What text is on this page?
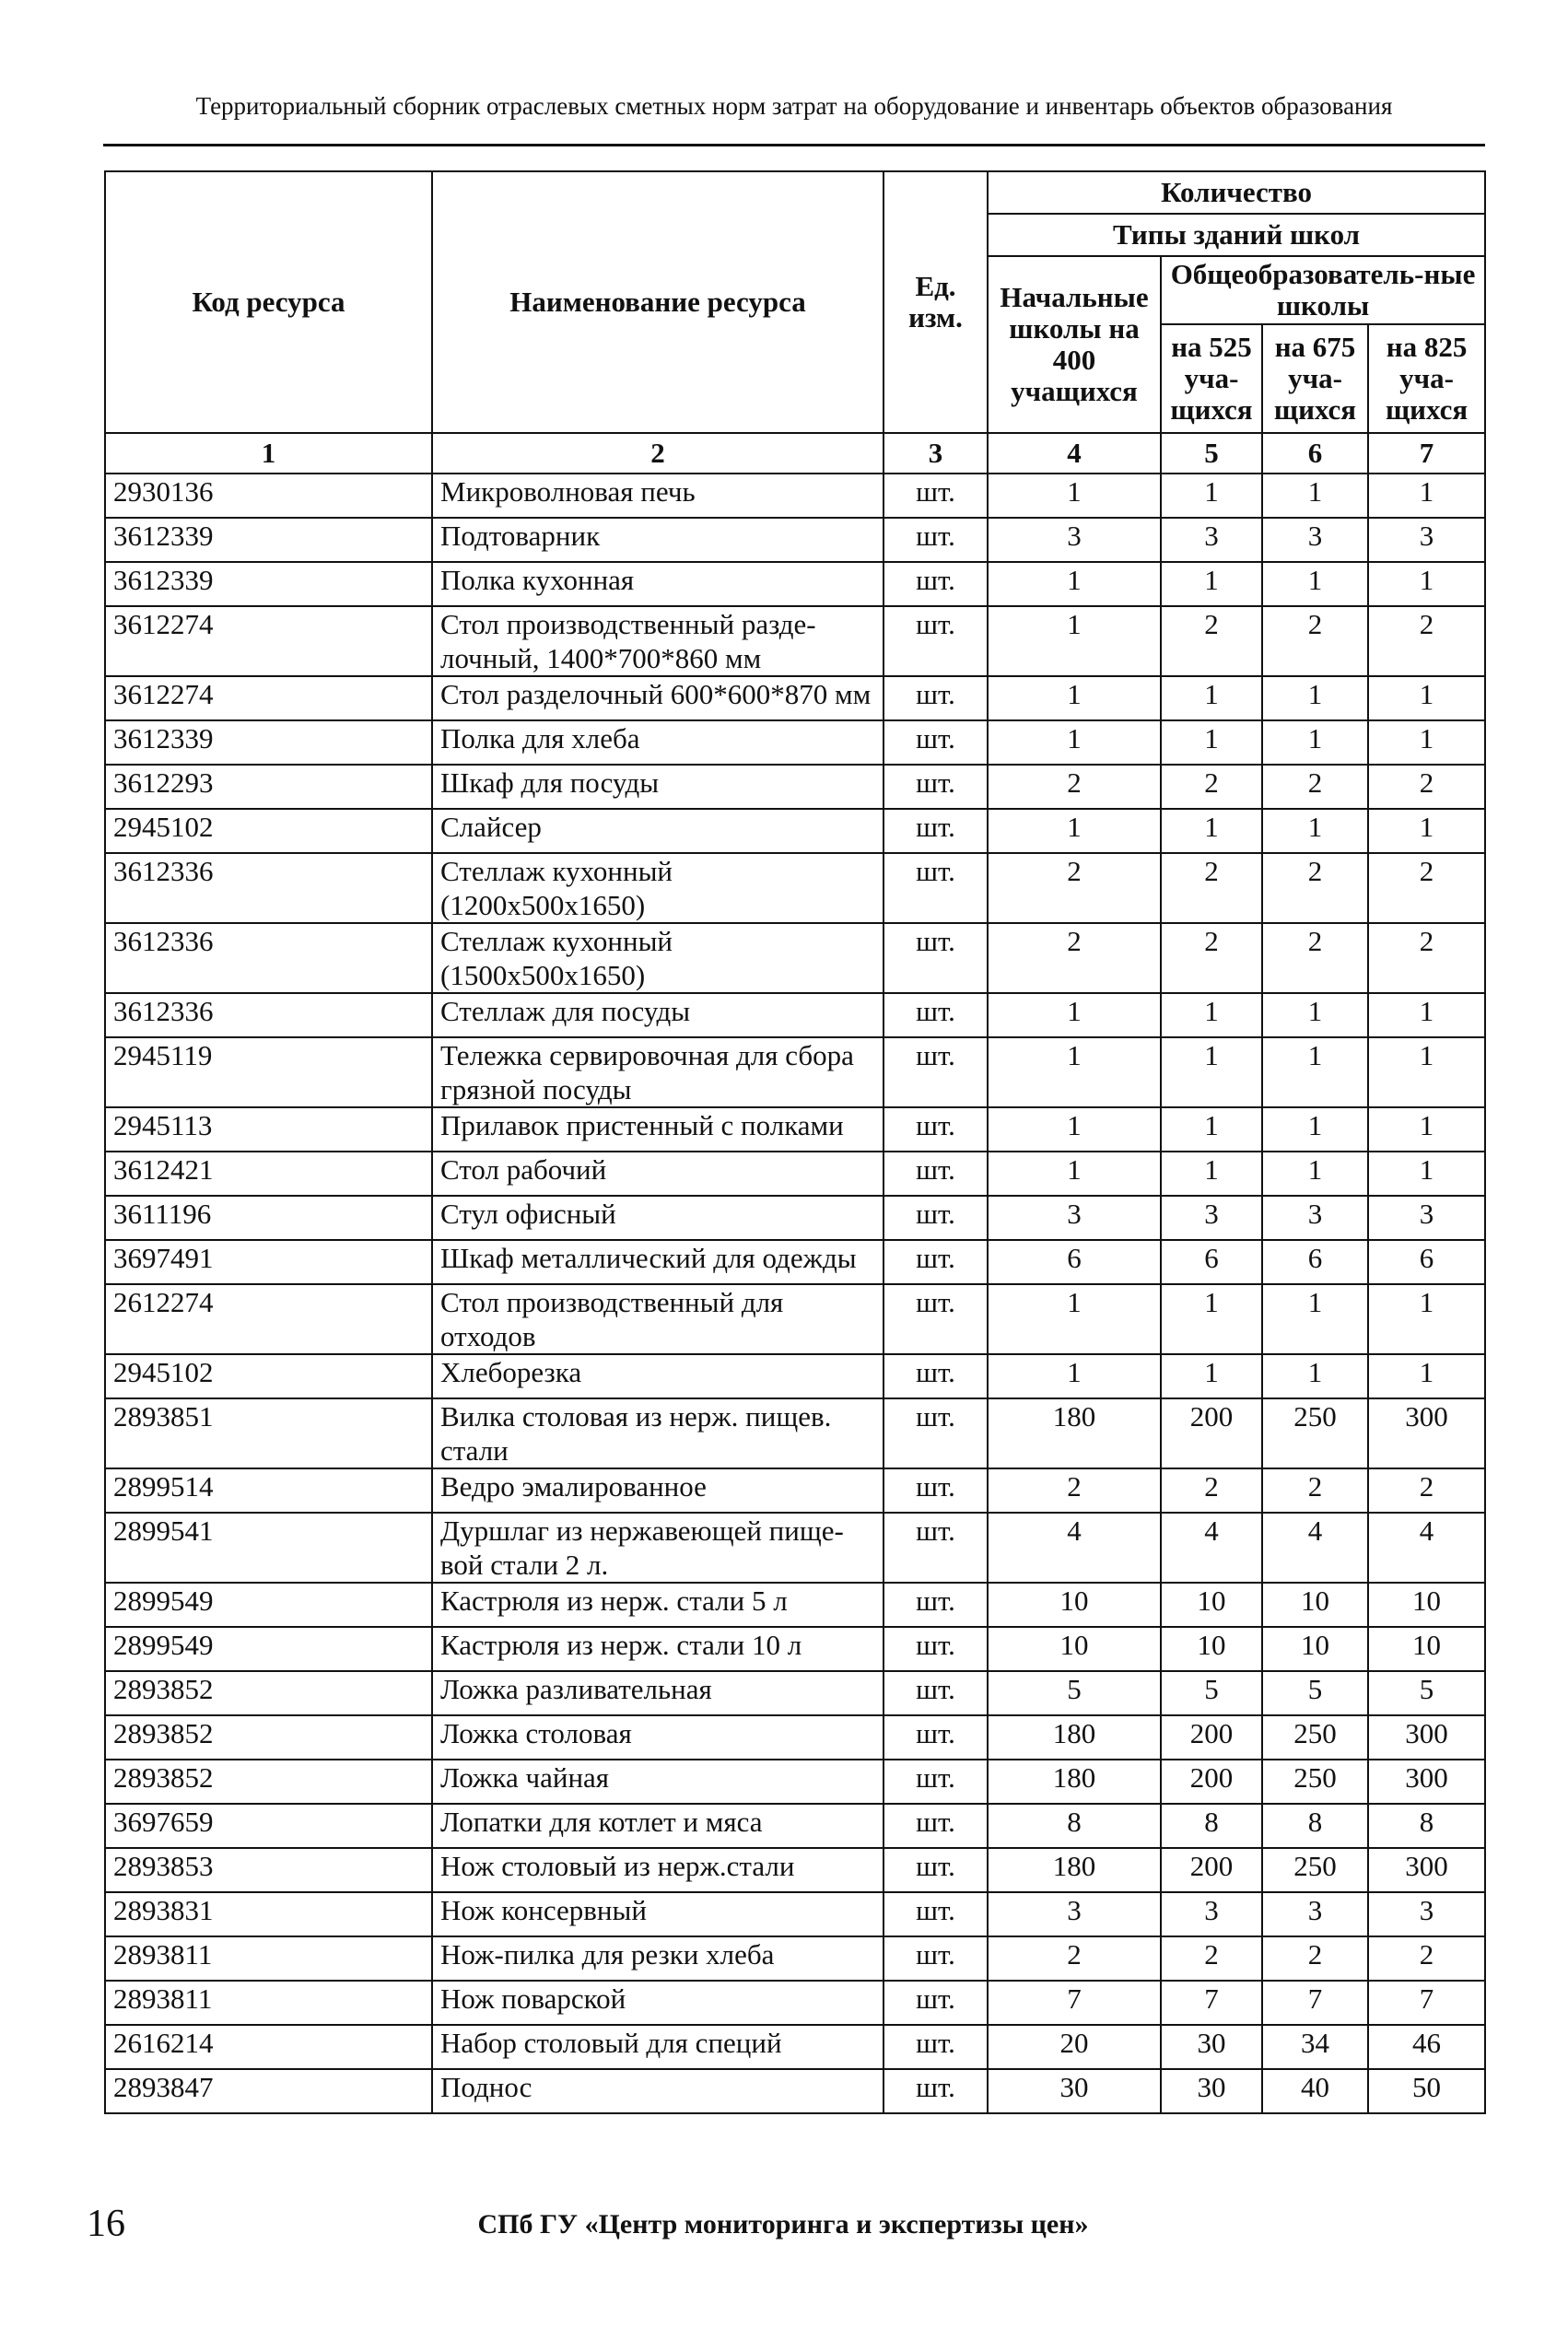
Территориальный сборник отраслевых сметных норм затрат на оборудование и инвентарь объектов образования
Код ресурса	Наименование ресурса	Ед. изм.	Количество			
			Типы зданий школ			
			Начальные школы на 400 учащихся	Общеобразователь-ные школы		
				на 525 уча-щихся	на 675 уча-щихся	на 825 уча-щихся
1	2	3	4	5	6	7
2930136	Микроволновая печь	шт.	1	1	1	1
3612339	Подтоварник	шт.	3	3	3	3
3612339	Полка кухонная	шт.	1	1	1	1
3612274	Стол производственный разде-лочный, 1400*700*860 мм	шт.	1	2	2	2
3612274	Стол разделочный 600*600*870 мм	шт.	1	1	1	1
3612339	Полка для хлеба	шт.	1	1	1	1
3612293	Шкаф для посуды	шт.	2	2	2	2
2945102	Слайсер	шт.	1	1	1	1
3612336	Стеллаж кухонный (1200x500x1650)	шт.	2	2	2	2
3612336	Стеллаж кухонный (1500x500x1650)	шт.	2	2	2	2
3612336	Стеллаж для посуды	шт.	1	1	1	1
2945119	Тележка сервировочная для сбора грязной посуды	шт.	1	1	1	1
2945113	Прилавок пристенный с полками	шт.	1	1	1	1
3612421	Стол рабочий	шт.	1	1	1	1
3611196	Стул офисный	шт.	3	3	3	3
3697491	Шкаф металлический для одежды	шт.	6	6	6	6
2612274	Стол производственный для отходов	шт.	1	1	1	1
2945102	Хлеборезка	шт.	1	1	1	1
2893851	Вилка столовая из нерж. пищев. стали	шт.	180	200	250	300
2899514	Ведро эмалированное	шт.	2	2	2	2
2899541	Дуршлаг из нержавеющей пище-вой стали 2 л.	шт.	4	4	4	4
2899549	Кастрюля из нерж. стали 5 л	шт.	10	10	10	10
2899549	Кастрюля из нерж. стали 10 л	шт.	10	10	10	10
2893852	Ложка разливательная	шт.	5	5	5	5
2893852	Ложка столовая	шт.	180	200	250	300
2893852	Ложка чайная	шт.	180	200	250	300
3697659	Лопатки для котлет и мяса	шт.	8	8	8	8
2893853	Нож столовый из нерж.стали	шт.	180	200	250	300
2893831	Нож консервный	шт.	3	3	3	3
2893811	Нож-пилка для резки хлеба	шт.	2	2	2	2
2893811	Нож поварской	шт.	7	7	7	7
2616214	Набор столовый для специй	шт.	20	30	34	46
2893847	Поднос	шт.	30	30	40	50
16	СПб ГУ «Центр мониторинга и экспертизы цен»
